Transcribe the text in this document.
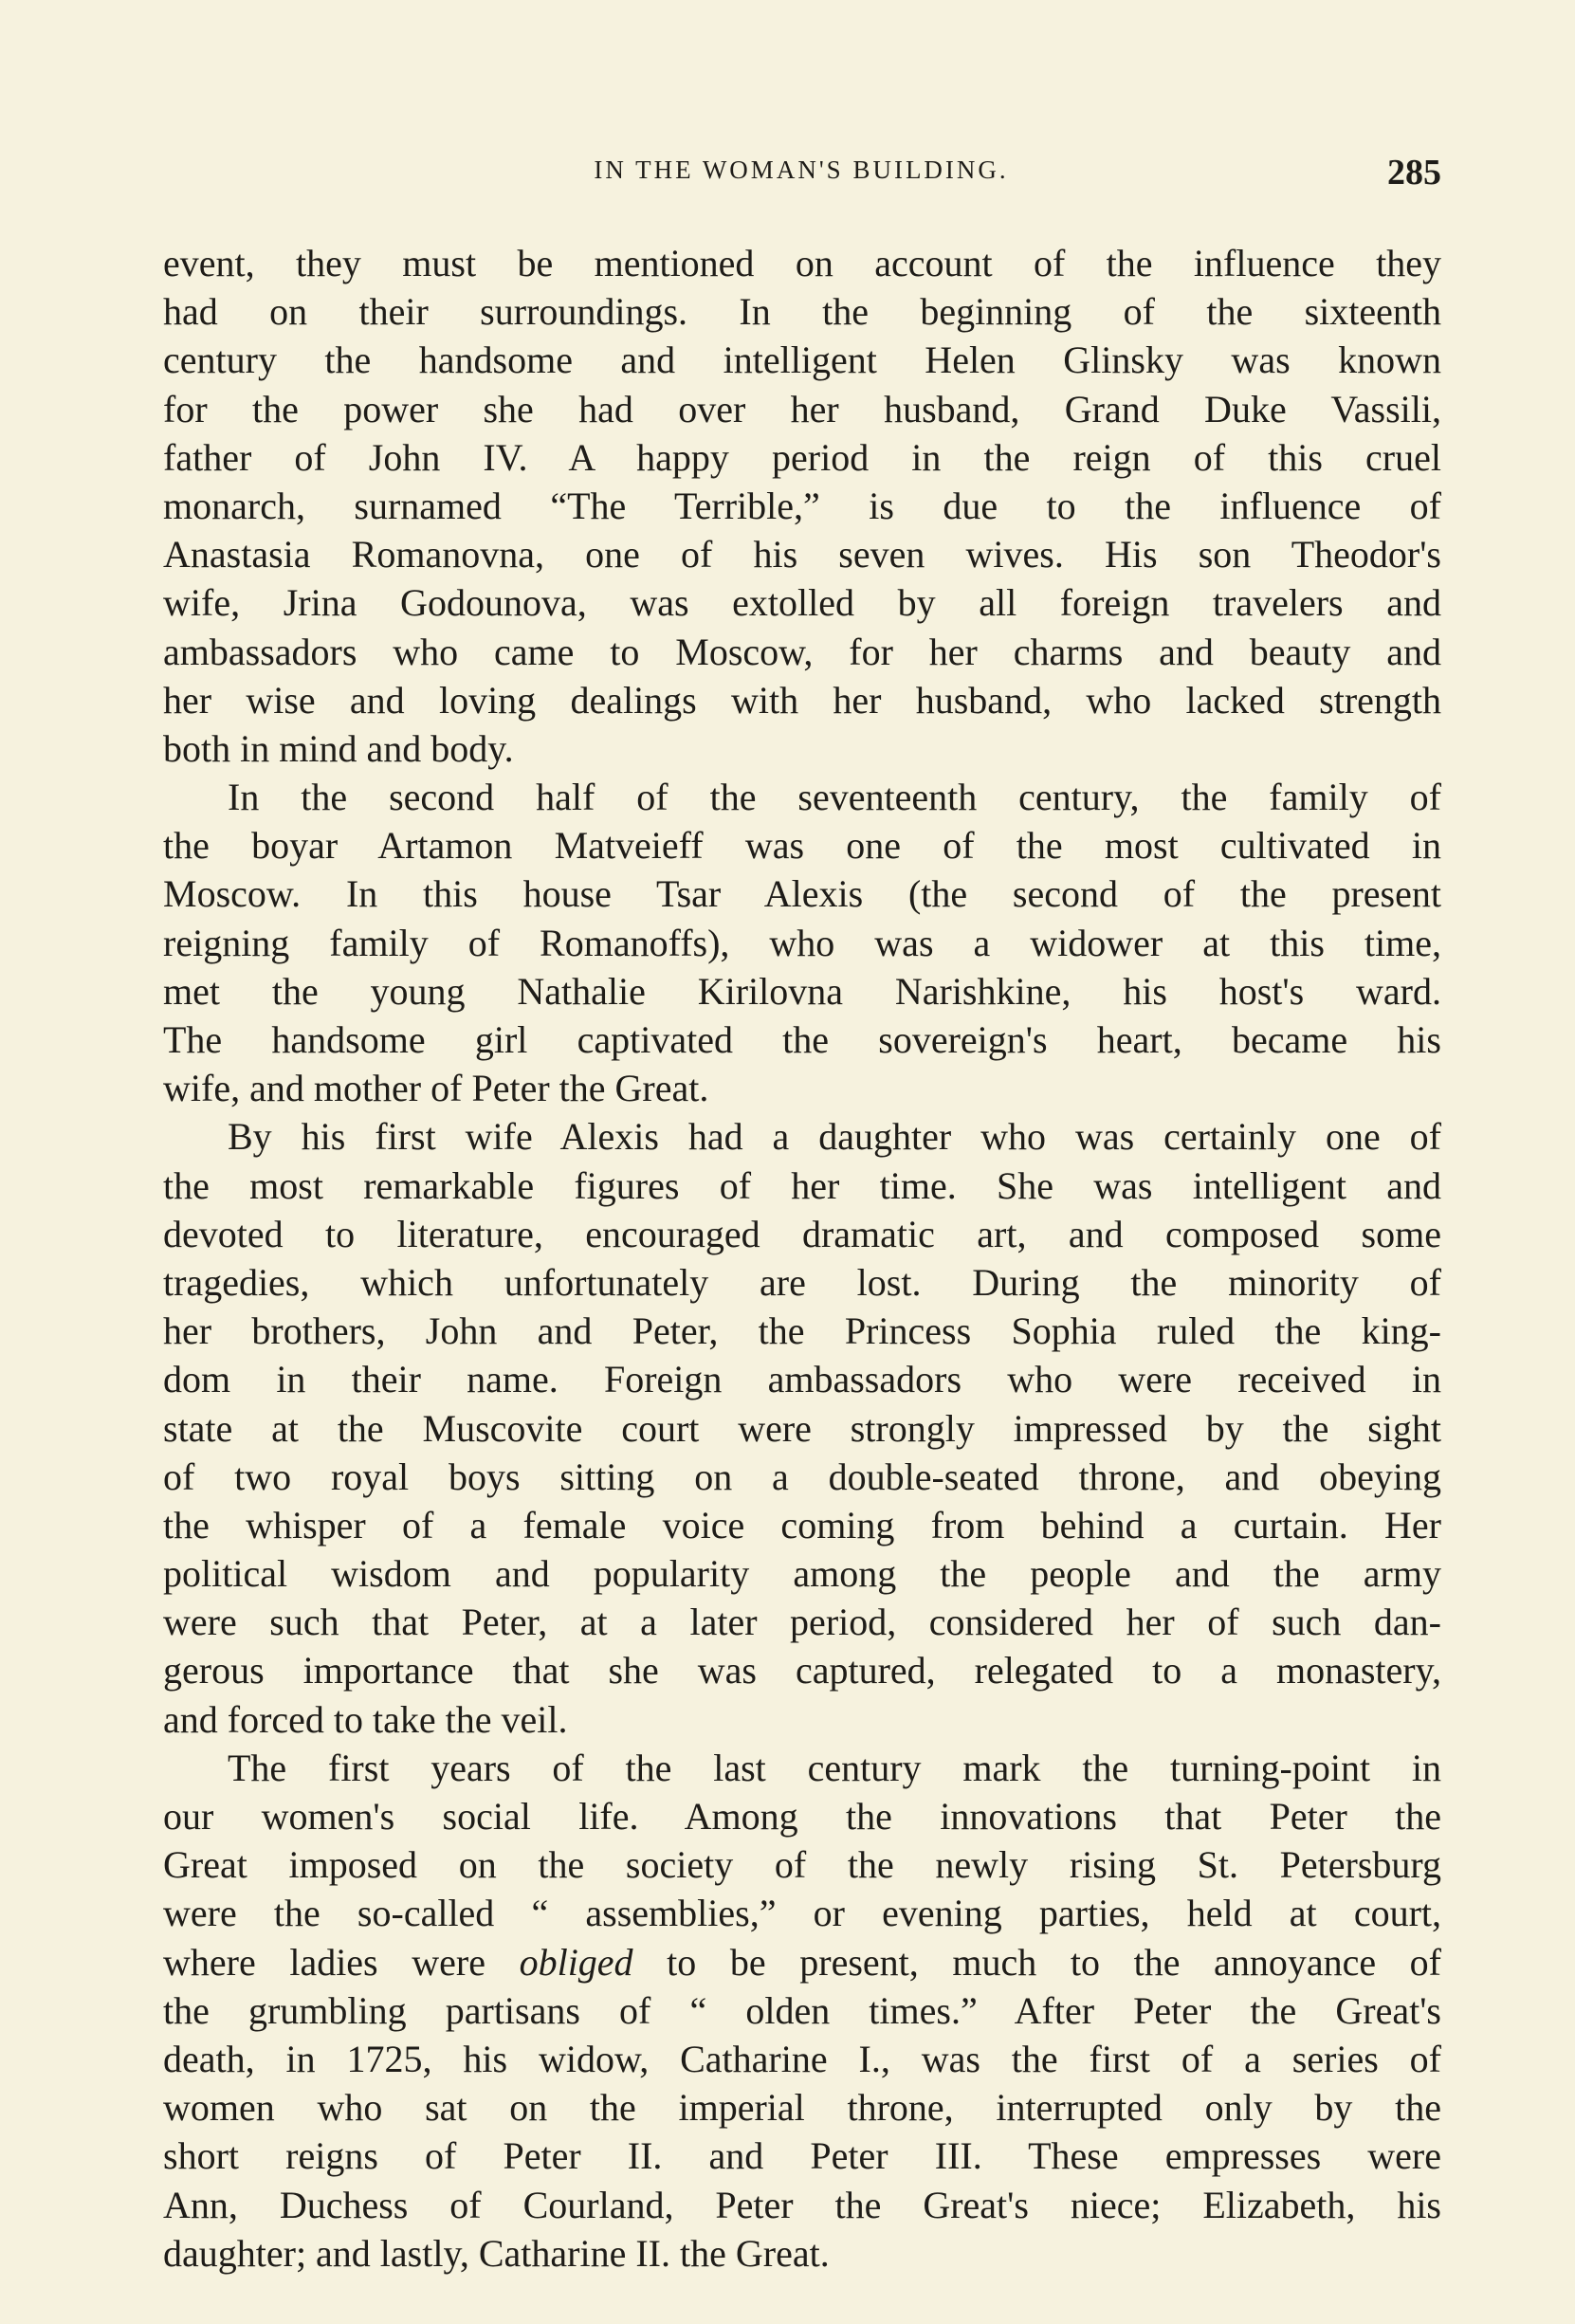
IN THE WOMAN'S BUILDING.	285
event, they must be mentioned on account of the influence they
had on their surroundings. In the beginning of the sixteenth
century the handsome and intelligent Helen Glinsky was known
for the power she had over her husband, Grand Duke Vassili,
father of John IV. A happy period in the reign of this cruel
monarch, surnamed “The Terrible,” is due to the influence of
Anastasia Romanovna, one of his seven wives. His son Theodor's
wife, Jrina Godounova, was extolled by all foreign travelers and
ambassadors who came to Moscow, for her charms and beauty and
her wise and loving dealings with her husband, who lacked strength
both in mind and body.
In the second half of the seventeenth century, the family of
the boyar Artamon Matveieff was one of the most cultivated in
Moscow. In this house Tsar Alexis (the second of the present
reigning family of Romanoffs), who was a widower at this time,
met the young Nathalie Kirilovna Narishkine, his host's ward.
The handsome girl captivated the sovereign's heart, became his
wife, and mother of Peter the Great.
By his first wife Alexis had a daughter who was certainly one of
the most remarkable figures of her time. She was intelligent and
devoted to literature, encouraged dramatic art, and composed some
tragedies, which unfortunately are lost. During the minority of
her brothers, John and Peter, the Princess Sophia ruled the king-
dom in their name. Foreign ambassadors who were received in
state at the Muscovite court were strongly impressed by the sight
of two royal boys sitting on a double-seated throne, and obeying
the whisper of a female voice coming from behind a curtain. Her
political wisdom and popularity among the people and the army
were such that Peter, at a later period, considered her of such dan-
gerous importance that she was captured, relegated to a monastery,
and forced to take the veil.
The first years of the last century mark the turning-point in
our women's social life. Among the innovations that Peter the
Great imposed on the society of the newly rising St. Petersburg
were the so-called “ assemblies,” or evening parties, held at court,
where ladies were obliged to be present, much to the annoyance of
the grumbling partisans of “ olden times.” After Peter the Great's
death, in 1725, his widow, Catharine I., was the first of a series of
women who sat on the imperial throne, interrupted only by the
short reigns of Peter II. and Peter III. These empresses were
Ann, Duchess of Courland, Peter the Great's niece; Elizabeth, his
daughter; and lastly, Catharine II. the Great.
